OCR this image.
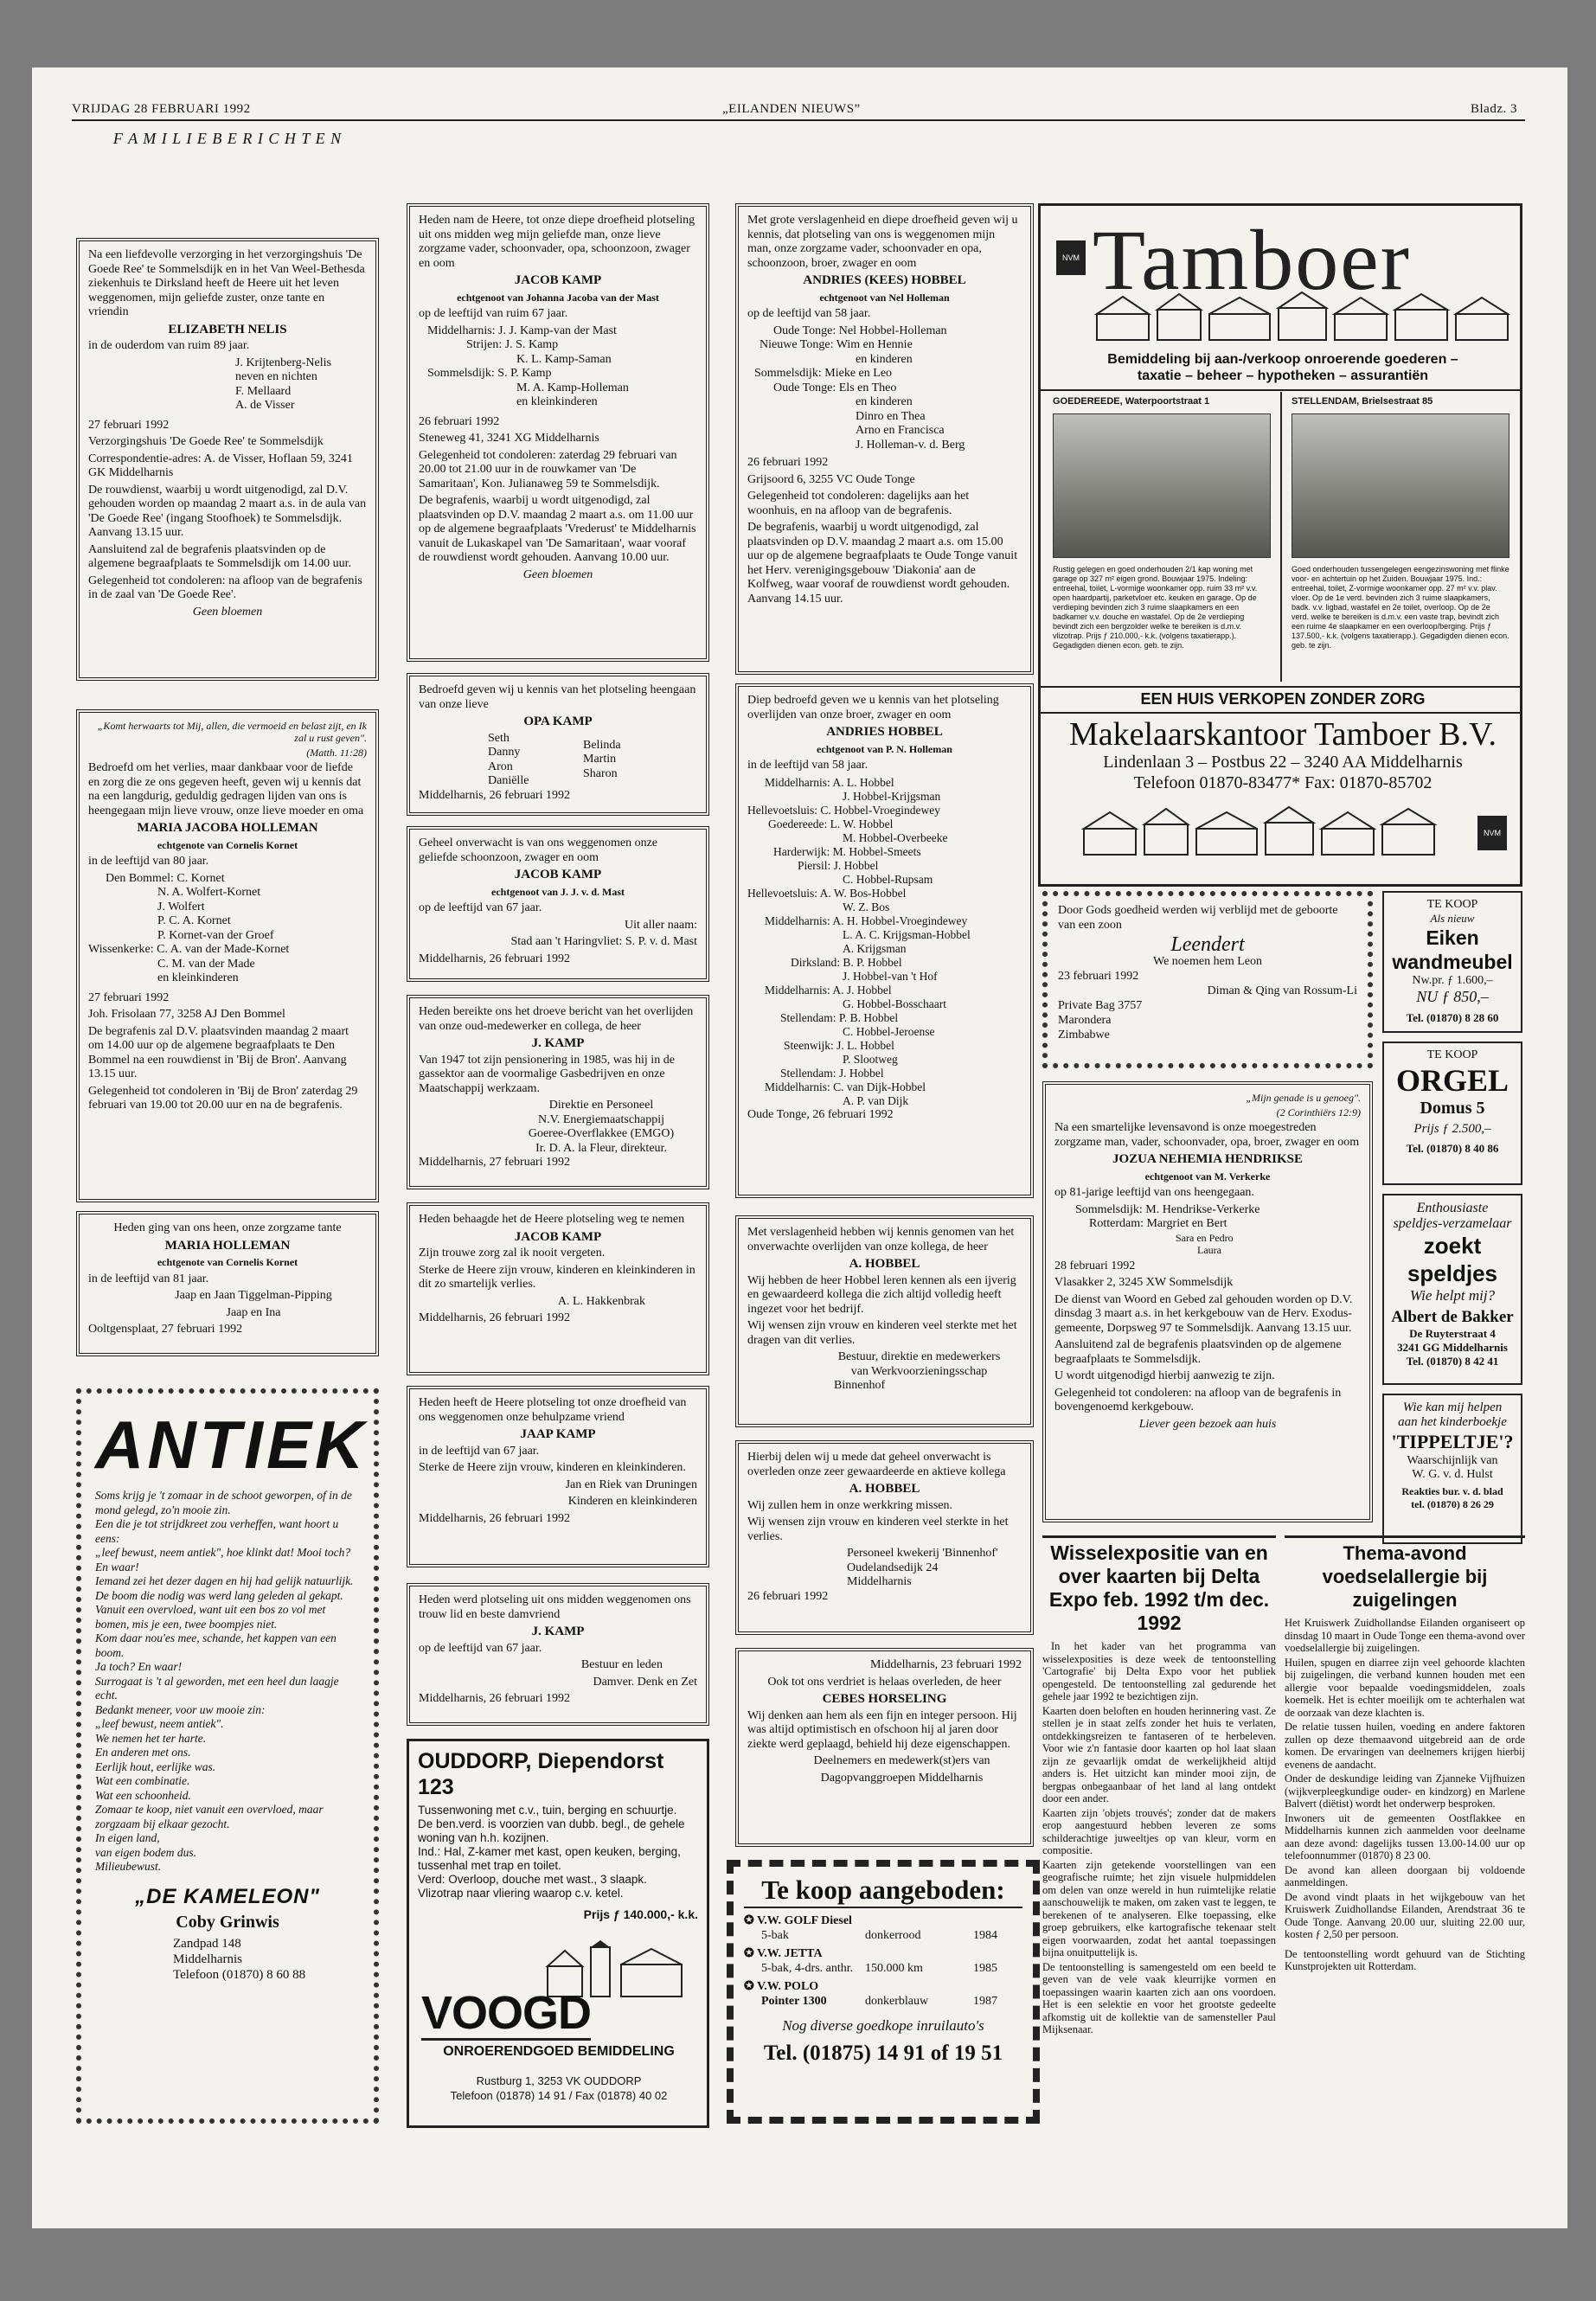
VRIJDAG 28 FEBRUARI 1992	„EILANDEN NIEUWS”	Bladz. 3
F A M I L I E B E R I C H T E N

Na een liefdevolle verzorging in het verzorgingshuis 'De Goede Ree' te Sommelsdijk en in het Van Weel-Bethesda ziekenhuis te Dirksland heeft de Heere uit het leven weggenomen, mijn geliefde zuster, onze tante en vriendin

ELIZABETH NELIS

in de ouderdom van ruim 89 jaar.

J. Krijtenberg-Nelis
neven en nichten
F. Mellaard
A. de Visser

27 februari 1992

Verzorgingshuis 'De Goede Ree' te Sommelsdijk

Correspondentie-adres: A. de Visser, Hoflaan 59, 3241 GK Middelharnis

De rouwdienst, waarbij u wordt uitgenodigd, zal D.V. gehouden worden op maandag 2 maart a.s. in de aula van 'De Goede Ree' (ingang Stoofhoek) te Sommelsdijk. Aanvang 13.15 uur.

Aansluitend zal de begrafenis plaatsvinden op de algemene begraafplaats te Sommelsdijk om 14.00 uur.

Gelegenheid tot condoleren: na afloop van de begrafenis in de zaal van 'De Goede Ree'.

Geen bloemen

„Komt herwaarts tot Mij, allen, die vermoeid en belast zijt, en Ik zal u rust geven".

(Matth. 11:28)

Bedroefd om het verlies, maar dankbaar voor de liefde en zorg die ze ons gegeven heeft, geven wij u kennis dat na een langdurig, geduldig gedragen lijden van ons is heengegaan mijn lieve vrouw, onze lieve moeder en oma

MARIA JACOBA HOLLEMAN

echtgenote van Cornelis Kornet

in de leeftijd van 80 jaar.

Den Bommel: C. Kornet
N. A. Wolfert-Kornet
J. Wolfert
P. C. A. Kornet
P. Kornet-van der Groef
Wissenkerke: C. A. van der Made-Kornet
C. M. van der Made
en kleinkinderen

27 februari 1992

Joh. Frisolaan 77, 3258 AJ Den Bommel

De begrafenis zal D.V. plaatsvinden maandag 2 maart om 14.00 uur op de algemene begraafplaats te Den Bommel na een rouwdienst in 'Bij de Bron'. Aanvang 13.15 uur.

Gelegenheid tot condoleren in 'Bij de Bron' zaterdag 29 februari van 19.00 tot 20.00 uur en na de begrafenis.

Heden ging van ons heen, onze zorgzame tante

MARIA HOLLEMAN

echtgenote van Cornelis Kornet

in de leeftijd van 81 jaar.

Jaap en Jaan Tiggelman-Pipping

Jaap en Ina

Ooltgensplaat, 27 februari 1992

ANTIEK
Soms krijg je 't zomaar in de schoot geworpen, of in de mond gelegd, zo'n mooie zin.
Een die je tot strijdkreet zou verheffen, want hoort u eens:
„leef bewust, neem antiek", hoe klinkt dat! Mooi toch? En waar!
Iemand zei het dezer dagen en hij had gelijk natuurlijk.
De boom die nodig was werd lang geleden al gekapt.
Vanuit een overvloed, want uit een bos zo vol met bomen, mis je een, twee boompjes niet.
Kom daar nou'es mee, schande, het kappen van een boom.
Ja toch? En waar!
Surrogaat is 't al geworden, met een heel dun laagje echt.
Bedankt meneer, voor uw mooie zin:
„leef bewust, neem antiek".
We nemen het ter harte.
En anderen met ons.
Eerlijk hout, eerlijke was.
Wat een combinatie.
Wat een schoonheid.
Zomaar te koop, niet vanuit een overvloed, maar zorgzaam bij elkaar gezocht.
In eigen land,
van eigen bodem dus.
Milieubewust.
„DE KAMELEON"
Coby Grinwis
Zandpad 148
Middelharnis
Telefoon (01870) 8 60 88

Heden nam de Heere, tot onze diepe droefheid plotseling uit ons midden weg mijn geliefde man, onze lieve zorgzame vader, schoonvader, opa, schoonzoon, zwager en oom

JACOB KAMP

echtgenoot van Johanna Jacoba van der Mast

op de leeftijd van ruim 67 jaar.

Middelharnis: J. J. Kamp-van der Mast
Strijen: J. S. Kamp
K. L. Kamp-Saman
Sommelsdijk: S. P. Kamp
M. A. Kamp-Holleman
en kleinkinderen

26 februari 1992

Steneweg 41, 3241 XG Middelharnis

Gelegenheid tot condoleren: zaterdag 29 februari van 20.00 tot 21.00 uur in de rouwkamer van 'De Samaritaan', Kon. Julianaweg 59 te Sommelsdijk.

De begrafenis, waarbij u wordt uitgenodigd, zal plaatsvinden op D.V. maandag 2 maart a.s. om 11.00 uur op de algemene begraafplaats 'Vrederust' te Middelharnis vanuit de Lukaskapel van 'De Samaritaan', waar vooraf de rouwdienst wordt gehouden. Aanvang 10.00 uur.

Geen bloemen

Bedroefd geven wij u kennis van het plotseling heengaan van onze lieve

OPA KAMP

Seth
Danny
Aron
Daniëlle
Belinda
Martin
Sharon

Middelharnis, 26 februari 1992

Geheel onverwacht is van ons weggenomen onze geliefde schoonzoon, zwager en oom

JACOB KAMP

echtgenoot van J. J. v. d. Mast

op de leeftijd van 67 jaar.

Uit aller naam:

Stad aan 't Haringvliet: S. P. v. d. Mast

Middelharnis, 26 februari 1992

Heden bereikte ons het droeve bericht van het overlijden van onze oud-medewerker en collega, de heer

J. KAMP

Van 1947 tot zijn pensionering in 1985, was hij in de gassektor aan de voormalige Gasbedrijven en onze Maatschappij werkzaam.

Direktie en Personeel
N.V. Energiemaatschappij
Goeree-Overflakkee (EMGO)
Ir. D. A. la Fleur, direkteur.

Middelharnis, 27 februari 1992

Heden behaagde het de Heere plotseling weg te nemen

JACOB KAMP

Zijn trouwe zorg zal ik nooit vergeten.

Sterke de Heere zijn vrouw, kinderen en kleinkinderen in dit zo smartelijk verlies.

A. L. Hakkenbrak

Middelharnis, 26 februari 1992

Heden heeft de Heere plotseling tot onze droefheid van ons weggenomen onze behulpzame vriend

JAAP KAMP

in de leeftijd van 67 jaar.

Sterke de Heere zijn vrouw, kinderen en kleinkinderen.

Jan en Riek van Druningen

Kinderen en kleinkinderen

Middelharnis, 26 februari 1992

Heden werd plotseling uit ons midden weggenomen ons trouw lid en beste damvriend

J. KAMP

op de leeftijd van 67 jaar.

Bestuur en leden

Damver. Denk en Zet

Middelharnis, 26 februari 1992

OUDDORP, Diependorst 123
Tussenwoning met c.v., tuin, berging en schuurtje.
De ben.verd. is voorzien van dubb. begl., de gehele woning van h.h. kozijnen.
Ind.: Hal, Z-kamer met kast, open keuken, berging, tussenhal met trap en toilet.
Verd: Overloop, douche met wast., 3 slaapk.
Vlizotrap naar vliering waarop c.v. ketel.
Prijs ƒ 140.000,- k.k.
VOOGD
ONROERENDGOED BEMIDDELING
Rustburg 1, 3253 VK OUDDORP
Telefoon (01878) 14 91 / Fax (01878) 40 02

Met grote verslagenheid en diepe droefheid geven wij u kennis, dat plotseling van ons is weggenomen mijn man, onze zorgzame vader, schoonvader en opa, schoonzoon, broer, zwager en oom

ANDRIES (KEES) HOBBEL

echtgenoot van Nel Holleman

op de leeftijd van 58 jaar.

Oude Tonge: Nel Hobbel-Holleman
Nieuwe Tonge: Wim en Hennie
en kinderen
Sommelsdijk: Mieke en Leo
Oude Tonge: Els en Theo
en kinderen
Dinro en Thea
Arno en Francisca
J. Holleman-v. d. Berg

26 februari 1992

Grijsoord 6, 3255 VC Oude Tonge

Gelegenheid tot condoleren: dagelijks aan het woonhuis, en na afloop van de begrafenis.

De begrafenis, waarbij u wordt uitgenodigd, zal plaatsvinden op D.V. maandag 2 maart a.s. om 15.00 uur op de algemene begraafplaats te Oude Tonge vanuit het Herv. verenigingsgebouw 'Diakonia' aan de Kolfweg, waar vooraf de rouwdienst wordt gehouden. Aanvang 14.15 uur.

Diep bedroefd geven we u kennis van het plotseling overlijden van onze broer, zwager en oom

ANDRIES HOBBEL

echtgenoot van P. N. Holleman

in de leeftijd van 58 jaar.

Middelharnis: A. L. Hobbel
J. Hobbel-Krijgsman
Hellevoetsluis: C. Hobbel-Vroegindewey
Goedereede: L. W. Hobbel
M. Hobbel-Overbeeke
Harderwijk: M. Hobbel-Smeets
Piersil: J. Hobbel
C. Hobbel-Rupsam
Hellevoetsluis: A. W. Bos-Hobbel
W. Z. Bos
Middelharnis: A. H. Hobbel-Vroegindewey
L. A. C. Krijgsman-Hobbel
A. Krijgsman
Dirksland: B. P. Hobbel
J. Hobbel-van 't Hof
Middelharnis: A. J. Hobbel
G. Hobbel-Bosschaart
Stellendam: P. B. Hobbel
C. Hobbel-Jeroense
Steenwijk: J. L. Hobbel
P. Slootweg
Stellendam: J. Hobbel
Middelharnis: C. van Dijk-Hobbel
A. P. van Dijk

Oude Tonge, 26 februari 1992

Met verslagenheid hebben wij kennis genomen van het onverwachte overlijden van onze kollega, de heer

A. HOBBEL

Wij hebben de heer Hobbel leren kennen als een ijverig en gewaardeerd kollega die zich altijd volledig heeft ingezet voor het bedrijf.

Wij wensen zijn vrouw en kinderen veel sterkte met het dragen van dit verlies.

Bestuur, direktie en medewerkers
van Werkvoorzieningsschap
Binnenhof

Hierbij delen wij u mede dat geheel onverwacht is overleden onze zeer gewaardeerde en aktieve kollega

A. HOBBEL

Wij zullen hem in onze werkkring missen.

Wij wensen zijn vrouw en kinderen veel sterkte in het verlies.

Personeel kwekerij 'Binnenhof'
Oudelandsedijk 24
Middelharnis

26 februari 1992

Middelharnis, 23 februari 1992

Ook tot ons verdriet is helaas overleden, de heer

CEBES HORSELING

Wij denken aan hem als een fijn en integer persoon. Hij was altijd optimistisch en ofschoon hij al jaren door ziekte werd geplaagd, behield hij deze eigenschappen.

Deelnemers en medewerk(st)ers van

Dagopvanggroepen Middelharnis

Te koop aangeboden:
✪ V.W. GOLF Diesel
5-bak	donkerrood	1984
✪ V.W. JETTA
5-bak, 4-drs. anthr. 150.000 km	1985
✪ V.W. POLO
Pointer 1300	donkerblauw	1987
Nog diverse goedkope inruilauto's
Tel. (01875) 14 91 of 19 51
NVM Tamboer
Bemiddeling bij aan-/verkoop onroerende goederen –
taxatie – beheer – hypotheken – assurantiën
GOEDEREEDE, Waterpoortstraat 1	STELLENDAM, Brielsestraat 85
Rustig gelegen en goed onderhouden 2/1 kap woning met garage op 327 m² eigen grond. Bouwjaar 1975. Indeling: entreehal, toilet, L-vormige woonkamer opp. ruim 33 m² v.v. open haardpartij, parketvloer etc. keuken en garage. Op de verdieping bevinden zich 3 ruime slaapkamers en een badkamer v.v. douche en wastafel. Op de 2e verdieping bevindt zich een bergzolder welke te bereiken is d.m.v. vlizotrap. Prijs ƒ 210.000,- k.k. (volgens taxatierapp.). Gegadigden dienen econ. geb. te zijn.
Goed onderhouden tussengelegen eengezinswoning met flinke voor- en achtertuin op het Zuiden. Bouwjaar 1975. Ind.: entreehal, toilet, Z-vormige woonkamer opp. 27 m² v.v. plav. vloer. Op de 1e verd. bevinden zich 3 ruime slaapkamers, badk. v.v. ligbad, wastafel en 2e toilet, overloop. Op de 2e verd. welke te bereiken is d.m.v. een vaste trap, bevindt zich een ruime 4e slaapkamer en een overloop/berging. Prijs ƒ 137.500,- k.k. (volgens taxatierapp.). Gegadigden dienen econ. geb. te zijn.
EEN HUIS VERKOPEN ZONDER ZORG
Makelaarskantoor Tamboer B.V.
Lindenlaan 3 – Postbus 22 – 3240 AA Middelharnis
Telefoon 01870-83477* Fax: 01870-85702
NVM
Door Gods goedheid werden wij verblijd met de geboorte van een zoon
Leendert
We noemen hem Leon
23 februari 1992
Diman & Qing van Rossum-Li
Private Bag 3757
Marondera
Zimbabwe

„Mijn genade is u genoeg".

(2 Corinthiërs 12:9)

Na een smartelijke levensavond is onze moegestreden zorgzame man, vader, schoonvader, opa, broer, zwager en oom

JOZUA NEHEMIA HENDRIKSE

echtgenoot van M. Verkerke

op 81-jarige leeftijd van ons heengegaan.

Sommelsdijk: M. Hendrikse-Verkerke
Rotterdam: Margriet en Bert
Sara en Pedro
Laura

28 februari 1992

Vlasakker 2, 3245 XW Sommelsdijk

De dienst van Woord en Gebed zal gehouden worden op D.V. dinsdag 3 maart a.s. in het kerkgebouw van de Herv. Exodus-gemeente, Dorpsweg 97 te Sommelsdijk. Aanvang 13.15 uur.

Aansluitend zal de begrafenis plaatsvinden op de algemene begraafplaats te Sommelsdijk.

U wordt uitgenodigd hierbij aanwezig te zijn.

Gelegenheid tot condoleren: na afloop van de begrafenis in bovengenoemd kerkgebouw.

Liever geen bezoek aan huis

TE KOOP
Als nieuw
Eiken wandmeubel
Nw.pr. ƒ 1.600,–
NU ƒ 850,–
Tel. (01870) 8 28 60
TE KOOP
ORGEL
Domus 5
Prijs ƒ 2.500,–
Tel. (01870) 8 40 86
Enthousiaste
speldjes-verzamelaar
zoekt speldjes
Wie helpt mij?
Albert de Bakker
De Ruyterstraat 4
3241 GG Middelharnis
Tel. (01870) 8 42 41
Wie kan mij helpen
aan het kinderboekje
'TIPPELTJE'?
Waarschijnlijk van
W. G. v. d. Hulst
Reakties bur. v. d. blad
tel. (01870) 8 26 29
Wisselexpositie van en over kaarten bij Delta Expo feb. 1992 t/m dec. 1992

In het kader van het programma van wisselexposities is deze week de tentoonstelling 'Cartografie' bij Delta Expo voor het publiek opengesteld. De tentoonstelling zal gedurende het gehele jaar 1992 te bezichtigen zijn.

Kaarten doen beloften en houden herinnering vast. Ze stellen je in staat zelfs zonder het huis te verlaten, ontdekkingsreizen te fantaseren of te herbeleven. Voor wie z'n fantasie door kaarten op hol laat slaan zijn ze gevaarlijk omdat de werkelijkheid altijd anders is. Het uitzicht kan minder mooi zijn, de bergpas onbegaanbaar of het land al lang ontdekt door een ander.

Kaarten zijn 'objets trouvés'; zonder dat de makers erop aangestuurd hebben leveren ze soms schilderachtige juweeltjes op van kleur, vorm en compositie.

Kaarten zijn getekende voorstellingen van een geografische ruimte; het zijn visuele hulpmiddelen om delen van onze wereld in hun ruimtelijke relatie aanschouwelijk te maken, om zaken vast te leggen, te berekenen of te analyseren. Elke toepassing, elke groep gebruikers, elke kartografische tekenaar stelt eigen voorwaarden, zodat het aantal toepassingen bijna onuitputtelijk is.

De tentoonstelling is samengesteld om een beeld te geven van de vele vaak kleurrijke vormen en toepassingen waarin kaarten zich aan ons voordoen. Het is een selektie en voor het grootste gedeelte afkomstig uit de kollektie van de samensteller Paul Mijksenaar.

Thema-avond voedselallergie bij zuigelingen

Het Kruiswerk Zuidhollandse Eilanden organiseert op dinsdag 10 maart in Oude Tonge een thema-avond over voedselallergie bij zuigelingen.

Huilen, spugen en diarree zijn veel gehoorde klachten bij zuigelingen, die verband kunnen houden met een allergie voor bepaalde voedingsmiddelen, zoals koemelk. Het is echter moeilijk om te achterhalen wat de oorzaak van deze klachten is.

De relatie tussen huilen, voeding en andere faktoren zullen op deze themaavond uitgebreid aan de orde komen. De ervaringen van deelnemers krijgen hierbij evenens de aandacht.

Onder de deskundige leiding van Zjanneke Vijfhuizen (wijkverpleegkundige ouder- en kindzorg) en Marlene Balvert (diëtist) wordt het onderwerp besproken.

Inwoners uit de gemeenten Oostflakkee en Middelharnis kunnen zich aanmelden voor deelname aan deze avond: dagelijks tussen 13.00-14.00 uur op telefoonnummer (01870) 8 23 00.

De avond kan alleen doorgaan bij voldoende aanmeldingen.

De avond vindt plaats in het wijkgebouw van het Kruiswerk Zuidhollandse Eilanden, Arendstraat 36 te Oude Tonge. Aanvang 20.00 uur, sluiting 22.00 uur, kosten ƒ 2,50 per persoon.

De tentoonstelling wordt gehuurd van de Stichting Kunstprojekten uit Rotterdam.
